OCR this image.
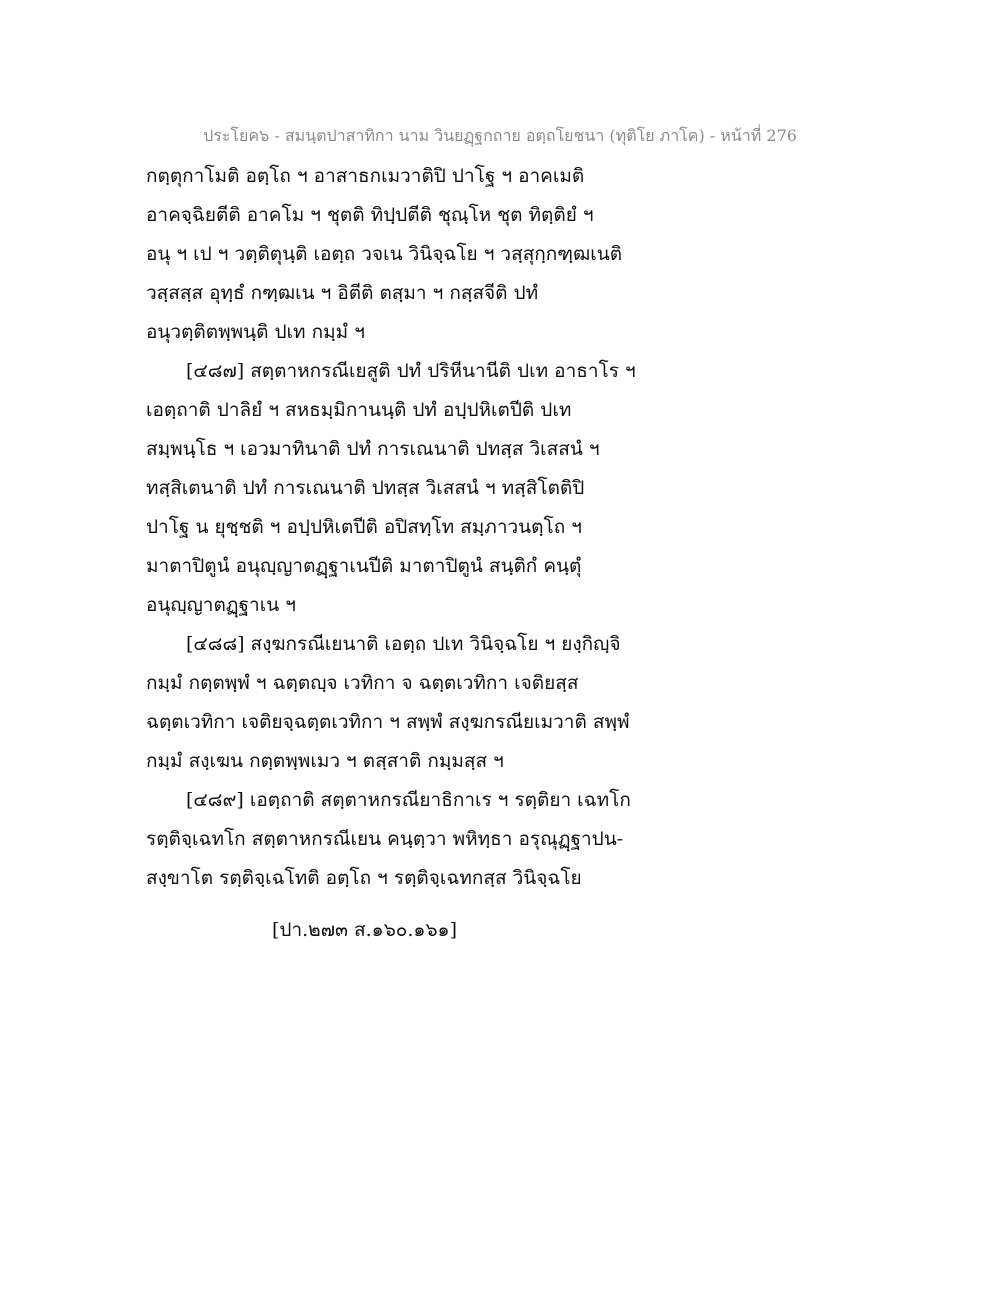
ประโยค๖ - สมนฺตปาสาทิกา นาม วินยฏฺฐกถาย อตฺถโยชนา (ทุติโย ภาโค) - หน้าที่ 276
กตฺตุกาโมติ อตฺโถ ฯ อาสาธกเมวาติปิ ปาโฐ ฯ อาคเมติ
อาคจฺฉิยตีติ อาคโม ฯ ชุตติ ทิปฺปตีติ ชุณฺโห ชุต ทิตฺติยํ ฯ
อนุ ฯ เป ฯ วตฺติตุนฺติ เอตฺถ วจเน วินิจฺฉโย ฯ วสฺสุกฺกฑฺฒเนติ
วสฺสสฺส อุทฺธํ กฑฺฒเน ฯ อิตีติ ตสฺมา ฯ กสฺสจีติ ปทํ
อนุวตฺติตพฺพนฺติ ปเท กมฺมํ ฯ
[๔๘๗] สตฺตาหกรณีเยสูติ ปทํ ปริหีนานีติ ปเท อาธาโร ฯ
เอตฺถาติ ปาลิยํ ฯ สหธมฺมิกานนฺติ ปทํ อปฺปหิเตปีติ ปเท
สมฺพนฺโธ ฯ เอวมาทินาติ ปทํ การเณนาติ ปทสฺส วิเสสนํ ฯ
ทสฺสิเตนาติ ปทํ การเณนาติ ปทสฺส วิเสสนํ ฯ ทสฺสิโตติปิ
ปาโฐ น ยุชฺชติ ฯ อปฺปหิเตปีติ อปิสทฺโท สมฺภาวนตฺโถ ฯ
มาตาปิตูนํ อนุญฺญาตฏฺฐาเนปีติ มาตาปิตูนํ สนฺติกํ คนฺตุํ
อนุญฺญาตฏฺฐาเน ฯ
[๔๘๘] สงฺฆกรณีเยนาติ เอตฺถ ปเท วินิจฺฉโย ฯ ยงฺกิญฺจิ
กมฺมํ กตฺตพฺพํ ฯ ฉตฺตญฺจ เวทิกา จ ฉตฺตเวทิกา เจติยสฺส
ฉตฺตเวทิกา เจติยจฺฉตฺตเวทิกา ฯ สพฺพํ สงฺฆกรณียเมวาติ สพฺพํ
กมฺมํ สงฺเฆน กตฺตพฺพเมว ฯ ตสฺสาติ กมฺมสฺส ฯ
[๔๘๙] เอตฺถาติ สตฺตาหกรณียาธิกาเร ฯ รตฺติยา เฉทโก
รตฺติจฺเฉทโก สตฺตาหกรณีเยน คนฺตฺวา พหิทฺธา อรุณุฏฺฐาปน-
สงฺขาโต รตฺติจฺเฉโทติ อตฺโถ ฯ รตฺติจฺเฉทกสฺส วินิจฺฉโย
[ปา.๒๗๓ ส.๑๖๐.๑๖๑]
